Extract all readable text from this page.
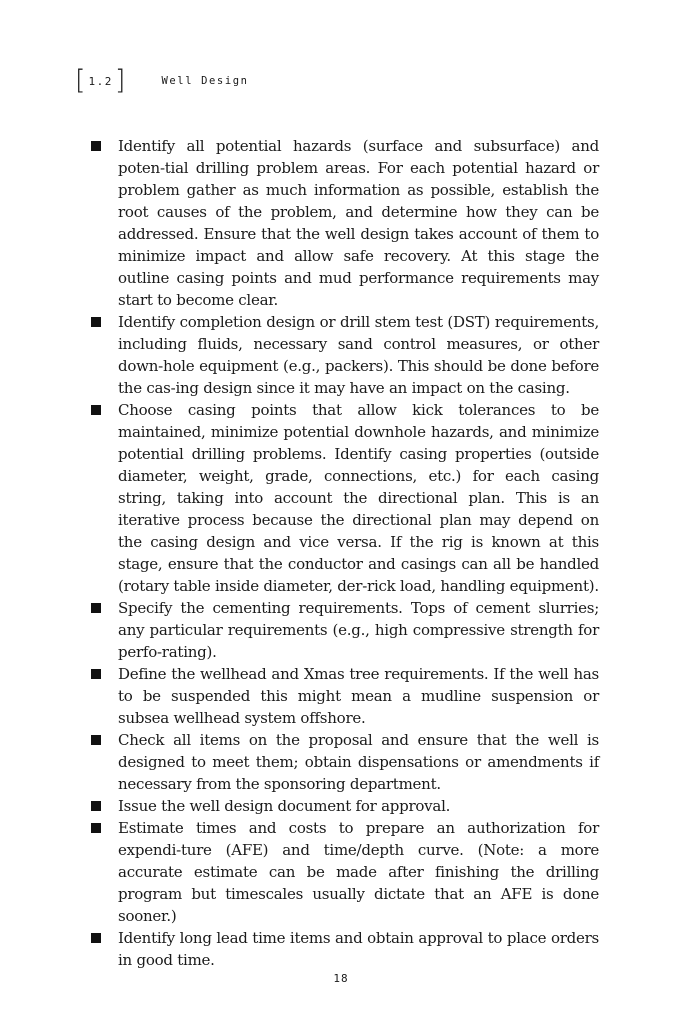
[ 1.2 ]	Well Design
Identify all potential hazards (surface and subsurface) and poten-tial drilling problem areas. For each potential hazard or problem gather as much information as possible, establish the root causes of the problem, and determine how they can be addressed. Ensure that the well design takes account of them to minimize impact and allow safe recovery. At this stage the outline casing points and mud performance requirements may start to become clear.
Identify completion design or drill stem test (DST) requirements, including fluids, necessary sand control measures, or other down-hole equipment (e.g., packers). This should be done before the cas-ing design since it may have an impact on the casing.
Choose casing points that allow kick tolerances to be maintained, minimize potential downhole hazards, and minimize potential drilling problems. Identify casing properties (outside diameter, weight, grade, connections, etc.) for each casing string, taking into account the directional plan. This is an iterative process because the directional plan may depend on the casing design and vice versa. If the rig is known at this stage, ensure that the conductor and casings can all be handled (rotary table inside diameter, der-rick load, handling equipment).
Specify the cementing requirements. Tops of cement slurries; any particular requirements (e.g., high compressive strength for perfo-rating).
Define the wellhead and Xmas tree requirements. If the well has to be suspended this might mean a mudline suspension or subsea wellhead system offshore.
Check all items on the proposal and ensure that the well is designed to meet them; obtain dispensations or amendments if necessary from the sponsoring department.
Issue the well design document for approval.
Estimate times and costs to prepare an authorization for expendi-ture (AFE) and time/depth curve. (Note: a more accurate estimate can be made after finishing the drilling program but timescales usually dictate that an AFE is done sooner.)
Identify long lead time items and obtain approval to place orders in good time.
18
